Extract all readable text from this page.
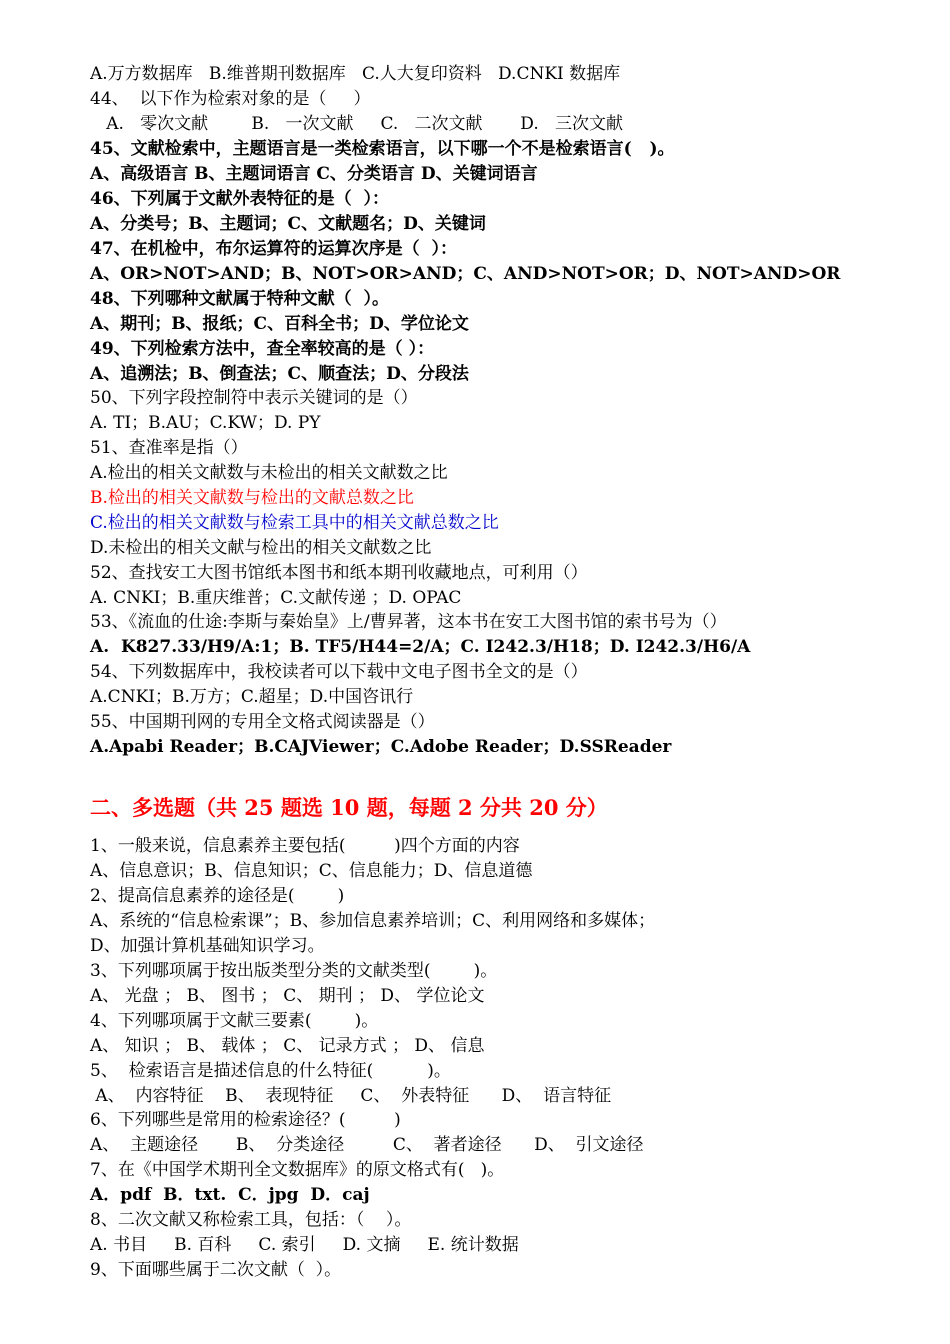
A.万方数据库   B.维普期刊数据库   C.人大复印资料   D.CNKI 数据库
44、  以下作为检索对象的是（     ）
A.   零次文献        B.   一次文献     C.   二次文献       D.   三次文献
45、文献检索中，主题语言是一类检索语言，以下哪一个不是检索语言(   )。
A、高级语言 B、主题词语言 C、分类语言 D、关键词语言
46、下列属于文献外表特征的是（  ）：
A、分类号；B、主题词；C、文献题名；D、关键词
47、在机检中，布尔运算符的运算次序是（  ）：
A、OR>NOT>AND；B、NOT>OR>AND；C、AND>NOT>OR；D、NOT>AND>OR
48、下列哪种文献属于特种文献（  ）。
A、期刊；B、报纸；C、百科全书；D、学位论文
49、下列检索方法中，查全率较高的是（ ）：
A、追溯法；B、倒查法；C、顺查法；D、分段法
50、下列字段控制符中表示关键词的是（）
A. TI；B.AU；C.KW；D. PY
51、查准率是指（）
A.检出的相关文献数与未检出的相关文献数之比
B.检出的相关文献数与检出的文献总数之比
C.检出的相关文献数与检索工具中的相关文献总数之比
D.未检出的相关文献与检出的相关文献数之比
52、查找安工大图书馆纸本图书和纸本期刊收藏地点，可利用（）
A. CNKI；B.重庆维普；C.文献传递 ；D. OPAC
53、《流血的仕途:李斯与秦始皇》上/曹昇著，这本书在安工大图书馆的索书号为（）
A.  K827.33/H9/A:1；B. TF5/H44=2/A；C. I242.3/H18；D. I242.3/H6/A
54、下列数据库中，我校读者可以下载中文电子图书全文的是（）
A.CNKI；B.万方；C.超星；D.中国咨讯行
55、中国期刊网的专用全文格式阅读器是（）
A.Apabi Reader；B.CAJViewer；C.Adobe Reader；D.SSReader
二、多选题（共 25 题选 10 题，每题 2 分共 20 分）
1、一般来说，信息素养主要包括(         )四个方面的内容
A、信息意识；B、信息知识；C、信息能力；D、信息道德
2、提高信息素养的途径是(        )
A、系统的“信息检索课”；B、参加信息素养培训；C、利用网络和多媒体；
D、加强计算机基础知识学习。
3、下列哪项属于按出版类型分类的文献类型(        )。
A、 光盘 ； B、 图书 ； C、 期刊 ； D、 学位论文
4、下列哪项属于文献三要素(        )。
A、 知识 ； B、 载体 ； C、 记录方式 ； D、 信息
5、  检索语言是描述信息的什么特征(          )。
A、  内容特征    B、  表现特征     C、  外表特征      D、  语言特征
6、下列哪些是常用的检索途径？(         )
A、  主题途径       B、  分类途径         C、  著者途径      D、  引文途径
7、在《中国学术期刊全文数据库》的原文格式有(   )。
A．pdf  B．txt.  C．jpg  D．caj
8、二次文献又称检索工具，包括：（    ）。
A. 书目     B. 百科     C. 索引     D. 文摘     E. 统计数据
9、下面哪些属于二次文献（  ）。
